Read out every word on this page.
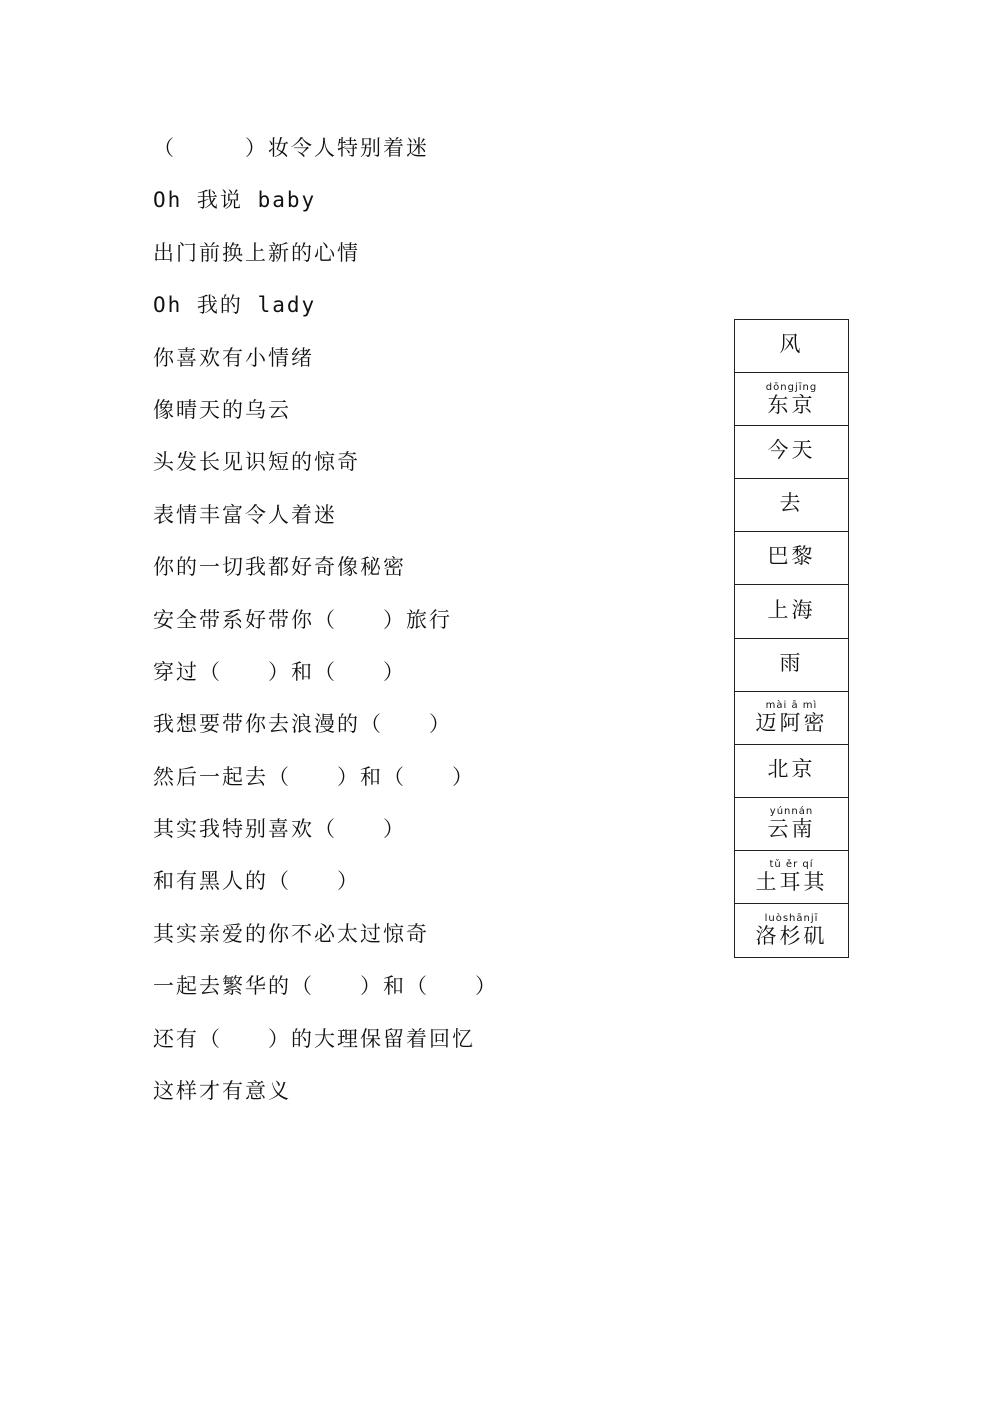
（　　　）妆令人特别着迷
Oh 我说 baby
出门前换上新的心情
Oh 我的 lady
你喜欢有小情绪
像晴天的乌云
头发长见识短的惊奇
表情丰富令人着迷
你的一切我都好奇像秘密
安全带系好带你（　　）旅行
穿过（　　）和（　　）
我想要带你去浪漫的（　　）
然后一起去（　　）和（　　）
其实我特别喜欢（　　）
和有黑人的（　　）
其实亲爱的你不必太过惊奇
一起去繁华的（　　）和（　　）
还有（　　）的大理保留着回忆
这样才有意义
风
dōngjīng
东京
今天
去
巴黎
上海
雨
mài ā mì
迈阿密
北京
yúnnán
云南
tǔ ěr qí
土耳其
luòshānjī
洛杉矶
